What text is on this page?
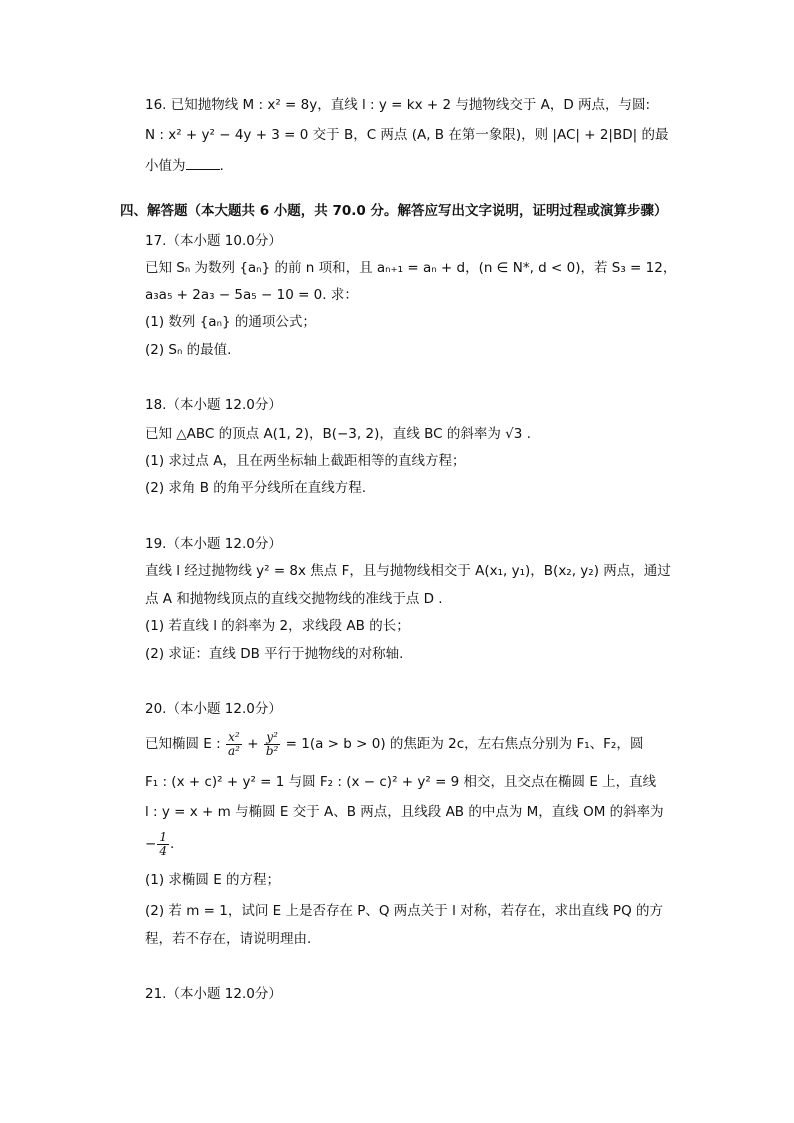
16. 已知抛物线 M : x² = 8y，直线 l : y = kx + 2 与抛物线交于 A，D 两点，与圆:
N : x² + y² − 4y + 3 = 0 交于 B，C 两点 (A, B 在第一象限)，则 |AC| + 2|BD| 的最
小值为	.
四、解答题（本大题共 6 小题，共 70.0 分。解答应写出文字说明，证明过程或演算步骤）
17.（本小题 10.0分）
已知 Sₙ 为数列 {aₙ} 的前 n 项和，且 aₙ₊₁ = aₙ + d，(n ∈ N*, d < 0)，若 S₃ = 12，
a₃a₅ + 2a₃ − 5a₅ − 10 = 0. 求：
(1) 数列 {aₙ} 的通项公式；
(2) Sₙ 的最值.
18.（本小题 12.0分）
已知 △ABC 的顶点 A(1, 2)，B(−3, 2)，直线 BC 的斜率为 √3 .
(1) 求过点 A，且在两坐标轴上截距相等的直线方程；
(2) 求角 B 的角平分线所在直线方程.
19.（本小题 12.0分）
直线 l 经过抛物线 y² = 8x 焦点 F，且与抛物线相交于 A(x₁, y₁)，B(x₂, y₂) 两点，通过
点 A 和抛物线顶点的直线交抛物线的准线于点 D .
(1) 若直线 l 的斜率为 2，求线段 AB 的长；
(2) 求证：直线 DB 平行于抛物线的对称轴.
20.（本小题 12.0分）
已知椭圆 E : $\frac{\text{x²}}{\text{a²}} + \frac{\text{y²}}{\text{b²}} = 1(a > b > 0)$ 的焦距为 2c，左右焦点分别为 F₁、F₂，圆
F₁ : (x + c)² + y² = 1 与圆 F₂ : (x − c)² + y² = 9 相交，且交点在椭圆 E 上，直线
l : y = x + m 与椭圆 E 交于 A、B 两点，且线段 AB 的中点为 M，直线 OM 的斜率为
− $\frac{1}{4}$ .
(1) 求椭圆 E 的方程；
(2) 若 m = 1，试问 E 上是否存在 P、Q 两点关于 l 对称，若存在，求出直线 PQ 的方
程，若不存在，请说明理由.
21.（本小题 12.0分）
